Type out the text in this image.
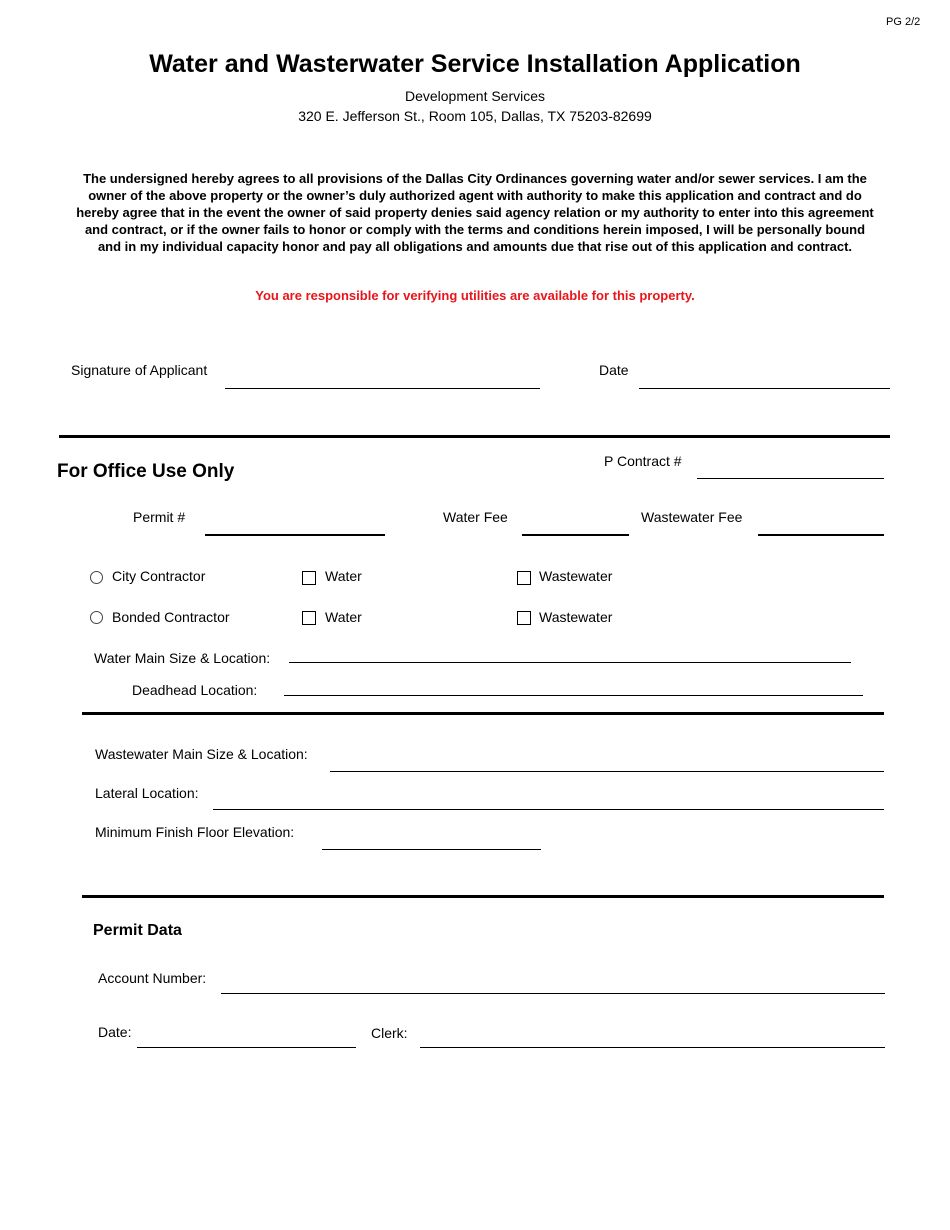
PG 2/2
Water and Wasterwater Service Installation Application
Development Services
320 E. Jefferson St., Room 105, Dallas, TX 75203-82699
The undersigned hereby agrees to all provisions of the Dallas City Ordinances governing water and/or sewer services. I am the owner of the above property or the owner’s duly authorized agent with authority to make this application and contract and do hereby agree that in the event the owner of said property denies said agency relation or my authority to enter into this agreement and contract, or if the owner fails to honor or comply with the terms and conditions herein imposed, I will be personally bound and in my individual capacity honor and pay all obligations and amounts due that rise out of this application and contract.
You are responsible for verifying utilities are available for this property.
Signature of Applicant	Date
For Office Use Only	P Contract #
Permit #	Water Fee	Wastewater Fee
City Contractor	Water	Wastewater
Bonded Contractor	Water	Wastewater
Water Main Size & Location:
Deadhead Location:
Wastewater Main Size & Location:
Lateral Location:
Minimum Finish Floor Elevation:
Permit Data
Account Number:
Date:	Clerk:
